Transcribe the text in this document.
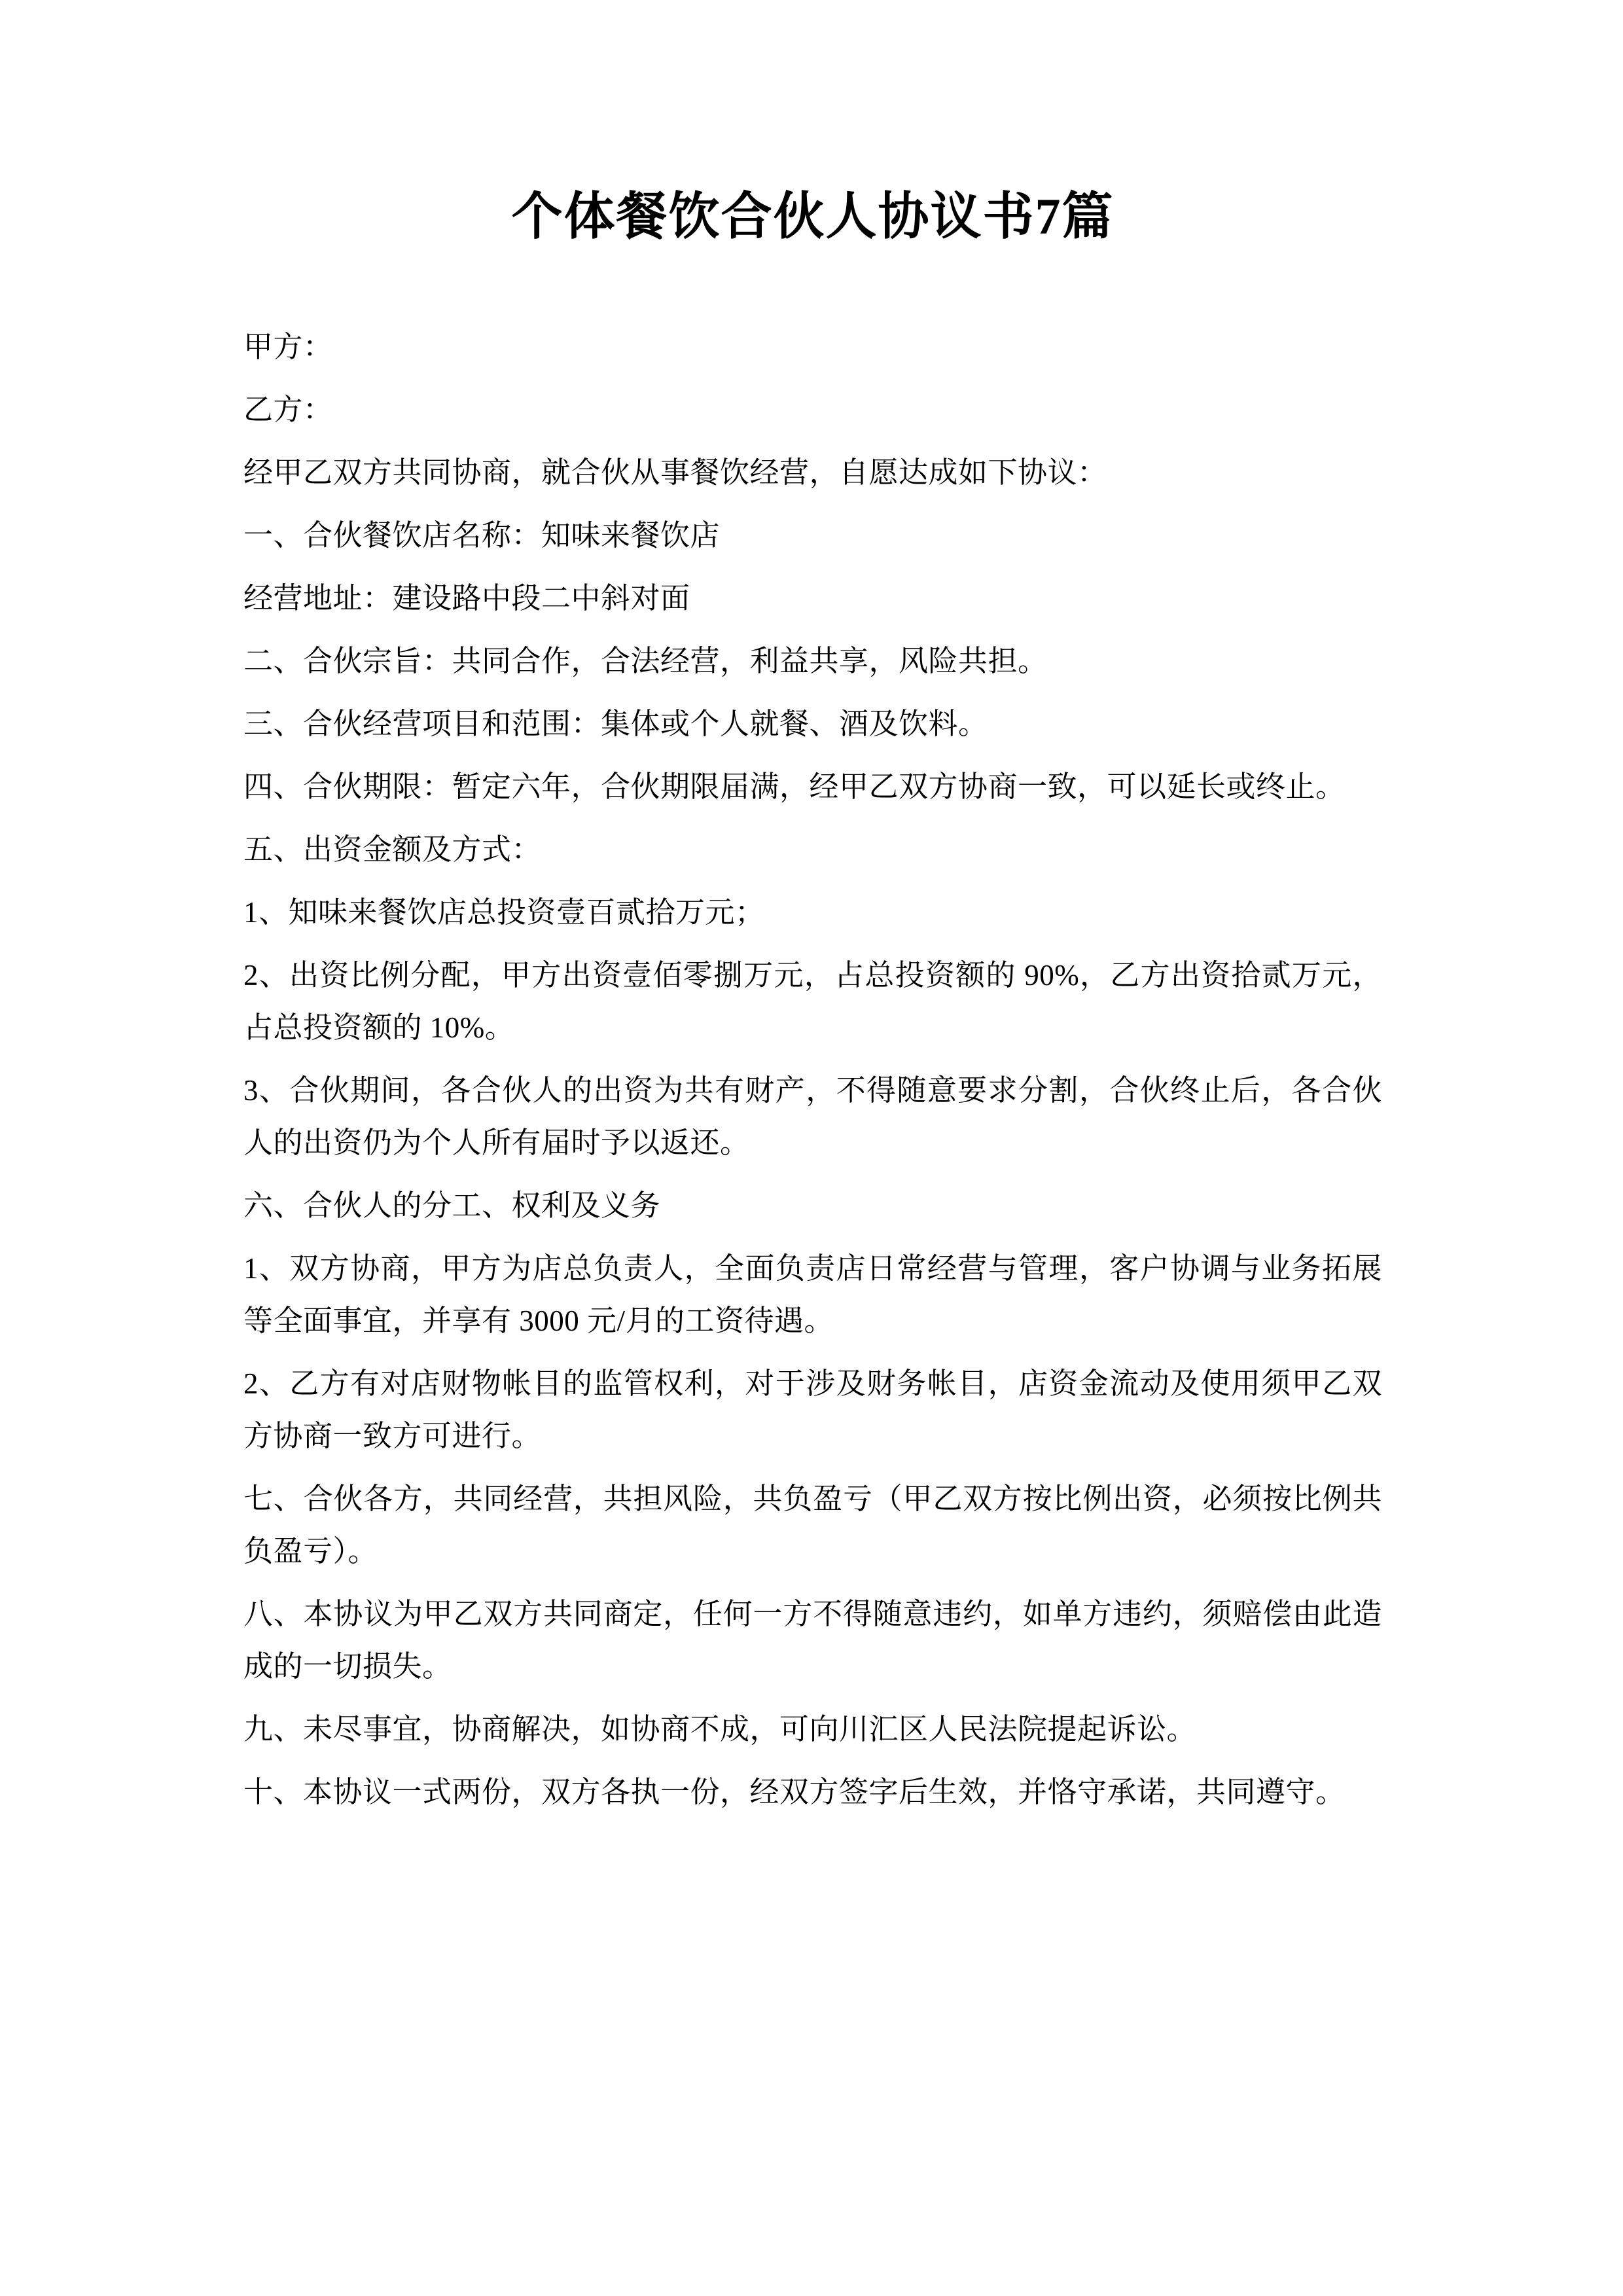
个体餐饮合伙人协议书7篇

甲方：

乙方：

经甲乙双方共同协商，就合伙从事餐饮经营，自愿达成如下协议：

一、合伙餐饮店名称：知味来餐饮店

经营地址：建设路中段二中斜对面

二、合伙宗旨：共同合作，合法经营，利益共享，风险共担。

三、合伙经营项目和范围：集体或个人就餐、酒及饮料。

四、合伙期限：暂定六年，合伙期限届满，经甲乙双方协商一致，可以延长或终止。

五、出资金额及方式：

1、知味来餐饮店总投资壹百贰拾万元；

2、出资比例分配，甲方出资壹佰零捌万元，占总投资额的 90%，乙方出资拾贰万元，占总投资额的 10%。

3、合伙期间，各合伙人的出资为共有财产，不得随意要求分割，合伙终止后，各合伙人的出资仍为个人所有届时予以返还。

六、合伙人的分工、权利及义务

1、双方协商，甲方为店总负责人，全面负责店日常经营与管理，客户协调与业务拓展等全面事宜，并享有 3000 元/月的工资待遇。

2、乙方有对店财物帐目的监管权利，对于涉及财务帐目，店资金流动及使用须甲乙双方协商一致方可进行。

七、合伙各方，共同经营，共担风险，共负盈亏（甲乙双方按比例出资，必须按比例共负盈亏）。

八、本协议为甲乙双方共同商定，任何一方不得随意违约，如单方违约，须赔偿由此造成的一切损失。

九、未尽事宜，协商解决，如协商不成，可向川汇区人民法院提起诉讼。

十、本协议一式两份，双方各执一份，经双方签字后生效，并恪守承诺，共同遵守。
